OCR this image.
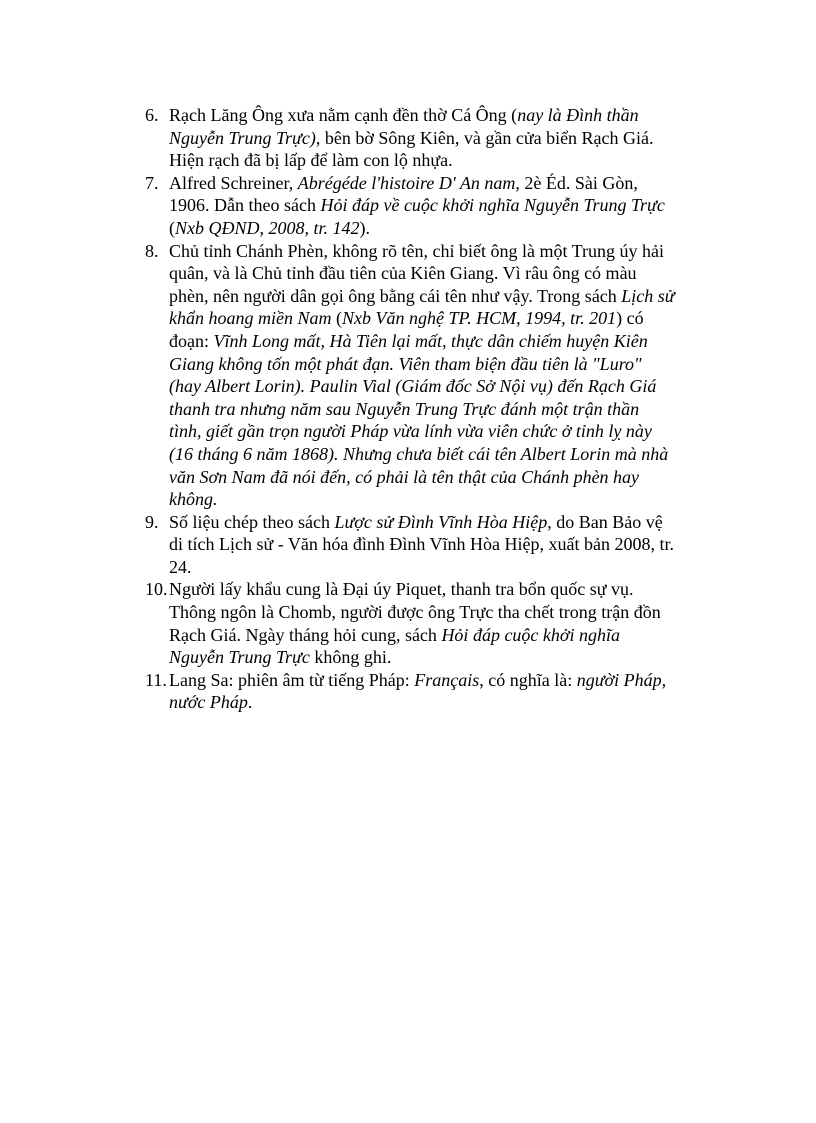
6. Rạch Lăng Ông xưa nằm cạnh đền thờ Cá Ông (nay là Đình thần
Nguyễn Trung Trực), bên bờ Sông Kiên, và gần cửa biển Rạch Giá.
Hiện rạch đã bị lấp để làm con lộ nhựa.
7. Alfred Schreiner, Abrégéde l'histoire D' An nam, 2è Éd. Sài Gòn,
1906. Dẫn theo sách Hỏi đáp về cuộc khởi nghĩa Nguyễn Trung Trực
(Nxb QĐND, 2008, tr. 142).
8. Chủ tỉnh Chánh Phèn, không rõ tên, chỉ biết ông là một Trung úy hải
quân, và là Chủ tỉnh đầu tiên của Kiên Giang. Vì râu ông có màu
phèn, nên người dân gọi ông bằng cái tên như vậy. Trong sách Lịch sử
khẩn hoang miền Nam (Nxb Văn nghệ TP. HCM, 1994, tr. 201) có
đoạn: Vĩnh Long mất, Hà Tiên lại mất, thực dân chiếm huyện Kiên
Giang không tốn một phát đạn. Viên tham biện đầu tiên là "Luro"
(hay Albert Lorin). Paulin Vial (Giám đốc Sở Nội vụ) đến Rạch Giá
thanh tra nhưng năm sau Nguyễn Trung Trực đánh một trận thần
tình, giết gần trọn người Pháp vừa lính vừa viên chức ở tỉnh lỵ này
(16 tháng 6 năm 1868). Nhưng chưa biết cái tên Albert Lorin mà nhà
văn Sơn Nam đã nói đến, có phải là tên thật của Chánh phèn hay
không.
9. Số liệu chép theo sách Lược sử Đình Vĩnh Hòa Hiệp, do Ban Bảo vệ
di tích Lịch sử - Văn hóa đình Đình Vĩnh Hòa Hiệp, xuất bản 2008, tr.
24.
10. Người lấy khẩu cung là Đại úy Piquet, thanh tra bổn quốc sự vụ.
Thông ngôn là Chomb, người được ông Trực tha chết trong trận đồn
Rạch Giá. Ngày tháng hỏi cung, sách Hỏi đáp cuộc khởi nghĩa
Nguyễn Trung Trực không ghi.
11. Lang Sa: phiên âm từ tiếng Pháp: Français, có nghĩa là: người Pháp,
nước Pháp.
